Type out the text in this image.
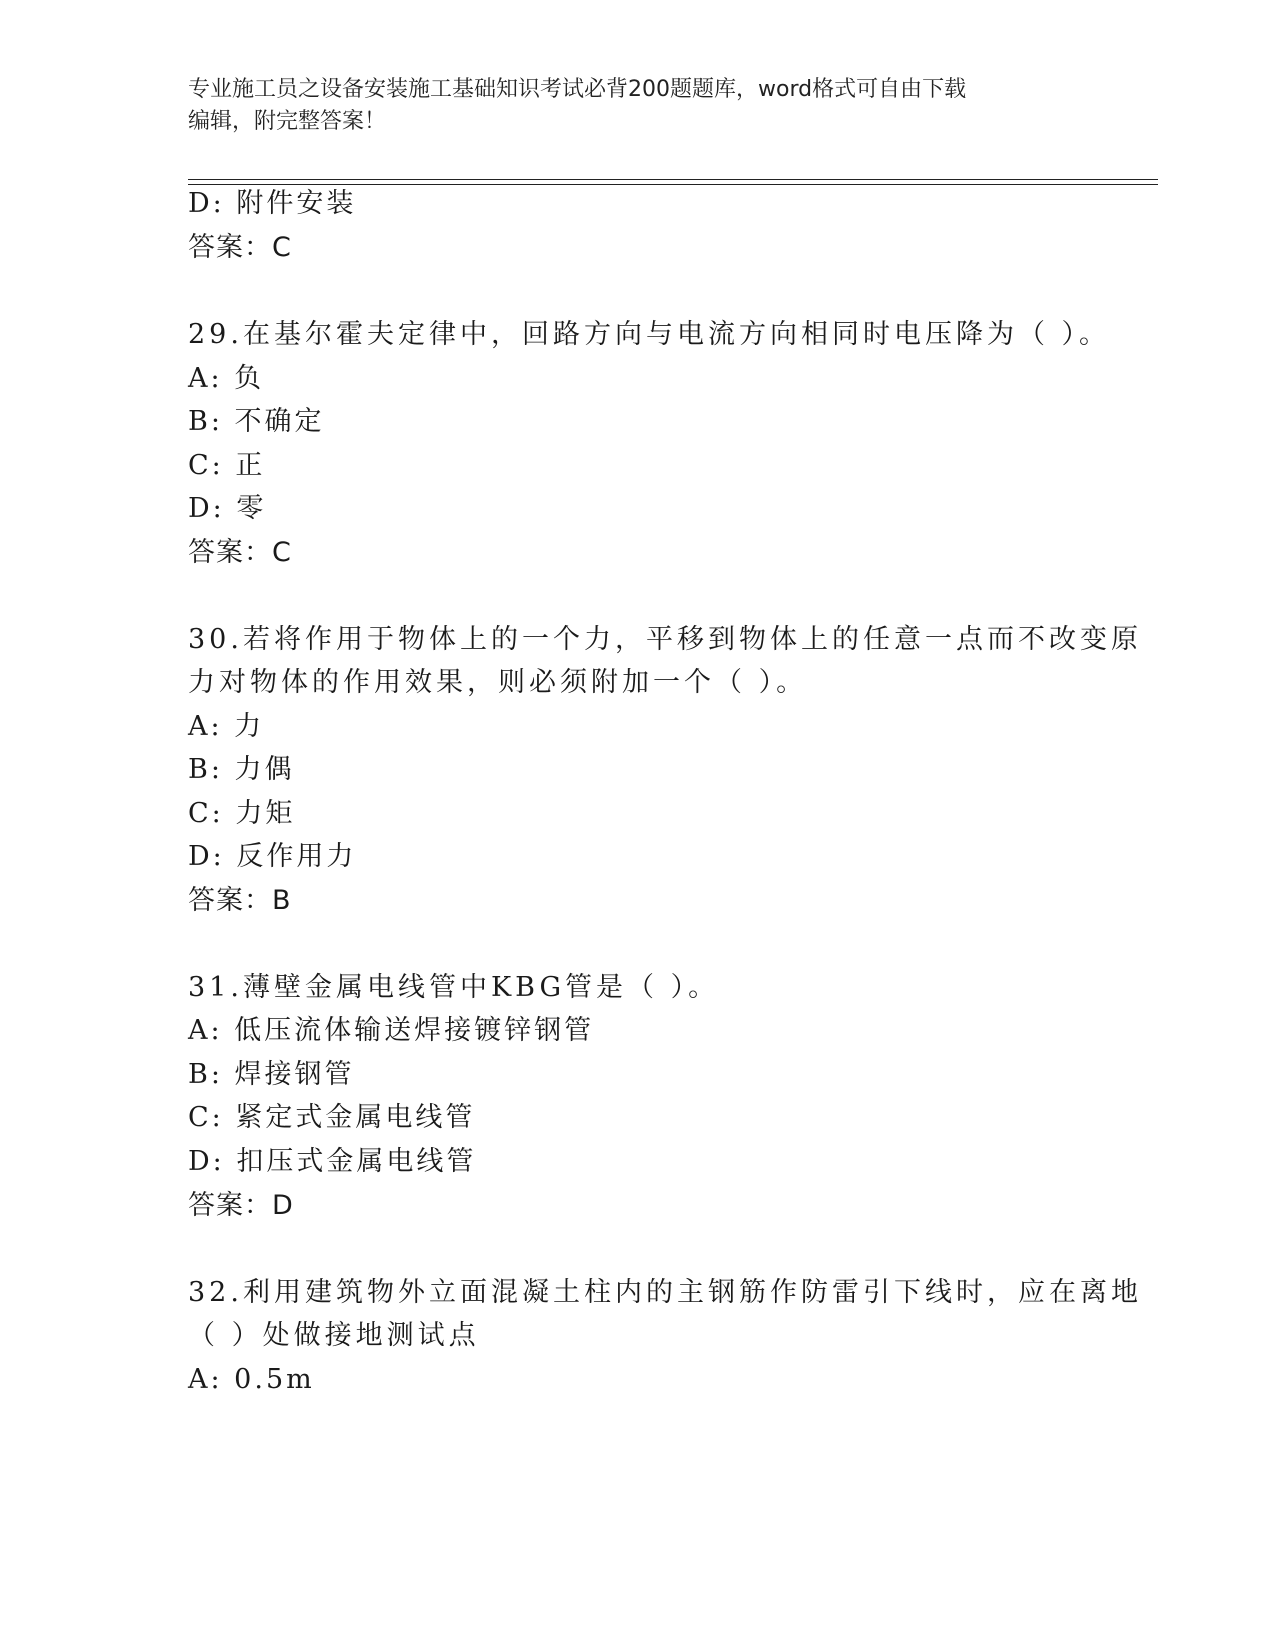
专业施工员之设备安装施工基础知识考试必背200题题库，word格式可自由下载
编辑，附完整答案！
D: 附件安装
答案：C
29.在基尔霍夫定律中，回路方向与电流方向相同时电压降为（ ）。
A: 负
B: 不确定
C: 正
D: 零
答案：C
30.若将作用于物体上的一个力，平移到物体上的任意一点而不改变原
力对物体的作用效果，则必须附加一个（ ）。
A: 力
B: 力偶
C: 力矩
D: 反作用力
答案：B
31.薄壁金属电线管中KBG管是（ ）。
A: 低压流体输送焊接镀锌钢管
B: 焊接钢管
C: 紧定式金属电线管
D: 扣压式金属电线管
答案：D
32.利用建筑物外立面混凝土柱内的主钢筋作防雷引下线时，应在离地
（ ）处做接地测试点
A: 0.5m
